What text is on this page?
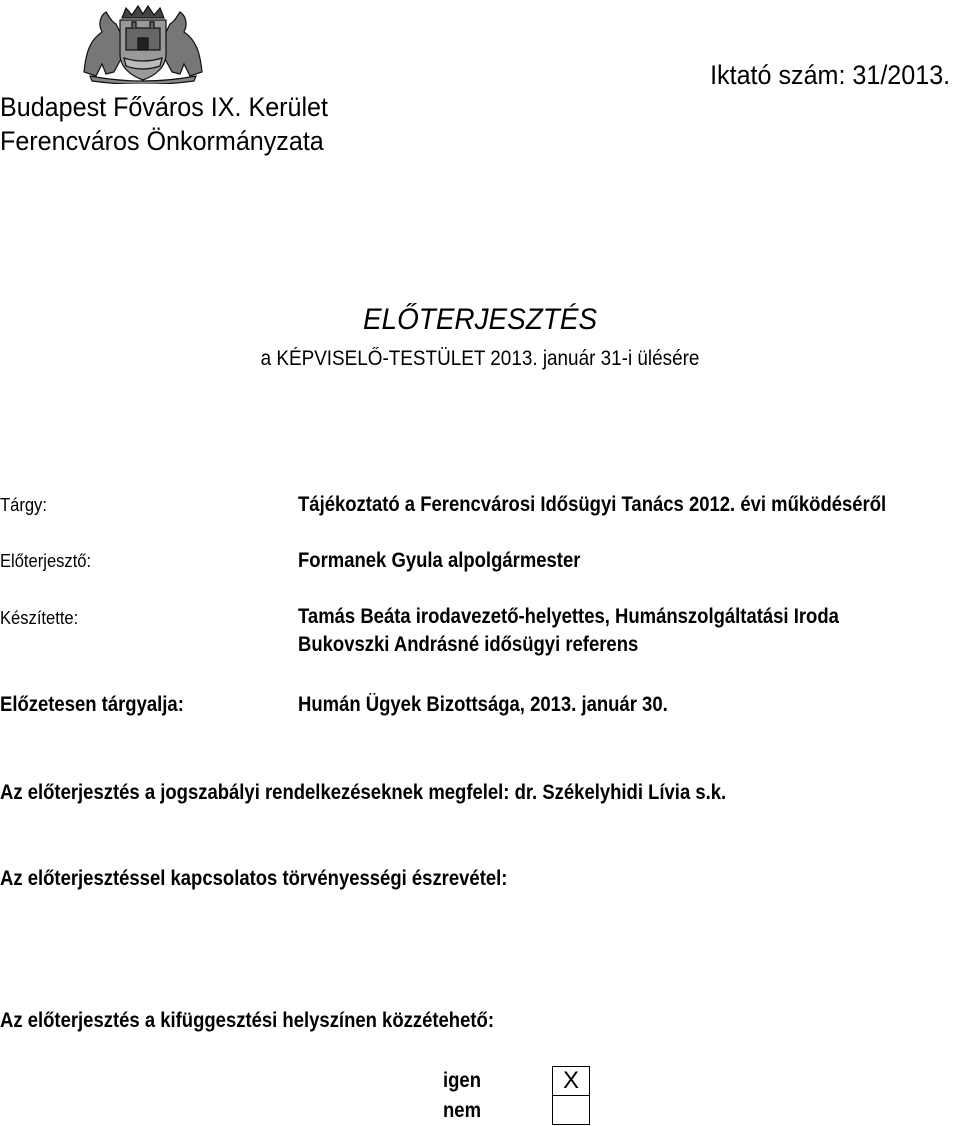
Budapest Főváros IX. Kerület
Ferencváros Önkormányzata
Iktató szám: 31/2013.
ELŐTERJESZTÉS
a KÉPVISELŐ-TESTÜLET 2013. január 31-i ülésére
Tárgy:	Tájékoztató a Ferencvárosi Idősügyi Tanács 2012. évi működéséről
Előterjesztő:	Formanek Gyula alpolgármester
Készítette:	Tamás Beáta irodavezető-helyettes, Humánszolgáltatási Iroda
Bukovszki Andrásné idősügyi referens
Előzetesen tárgyalja:	Humán Ügyek Bizottsága, 2013. január 30.
Az előterjesztés a jogszabályi rendelkezéseknek megfelel: dr. Székelyhidi Lívia s.k.
Az előterjesztéssel kapcsolatos törvényességi észrevétel:
Az előterjesztés a kifüggesztési helyszínen közzétehető:
igen	X
nem
